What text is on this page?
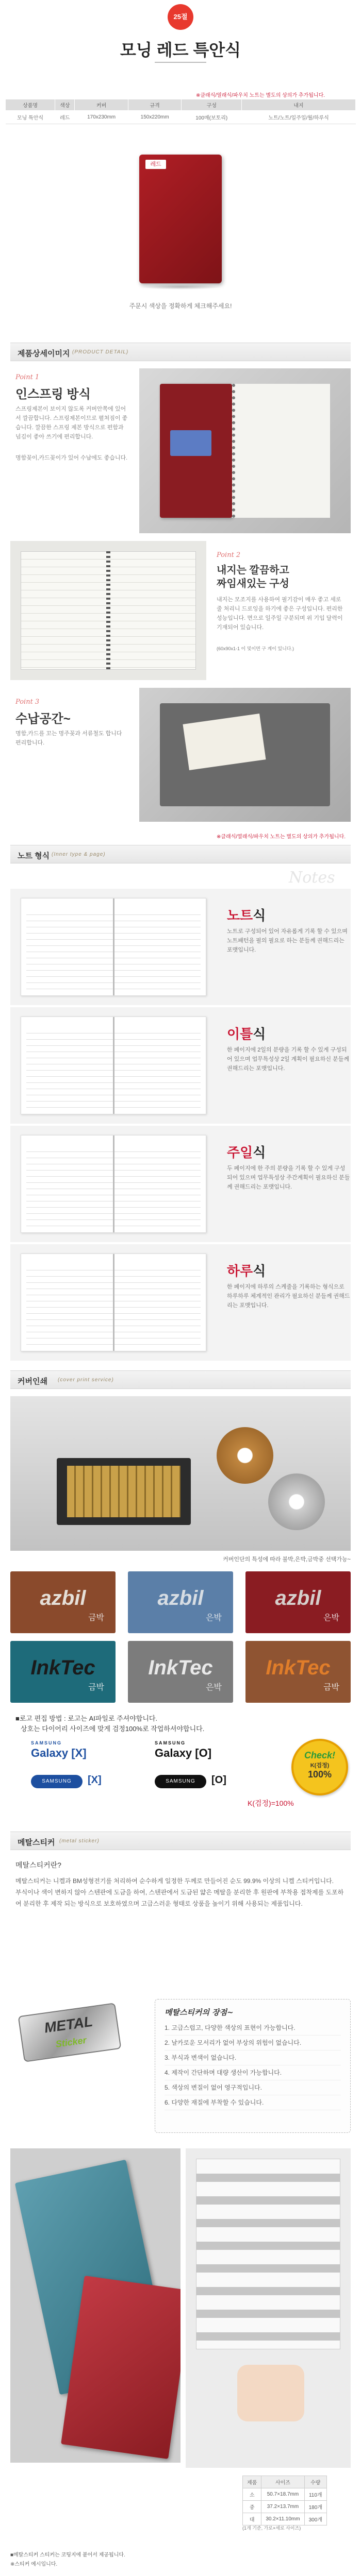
25절
모닝 레드 특안식
※클래식/열래식/파우치 노트는 별도의 상의가 추가됩니다.
상품명	색상	커버	규격	구성	내지
모닝 특안식	레드	170x230mm	150x220mm	100매(보토리)	노트/노트/일주일/월/하루식
레드
주문시 색상을 정확하게 체크해주세요!
제품상세이미지 (PRODUCT DETAIL)
Point 1
인스프링 방식
스프링제본이 보이지 않도록 커버안쪽에 있어서 깔끔합니다. 스프링제본이므로 펼쳐짐이 좋습니다. 깔끔한 스프링 제본 방식으로 편함과 넘김이 좋아 쓰기에 편리합니다.
명함꽂이,카드꽂이가 있어 수납에도 좋습니다.
Point 2
내지는 깔끔하고
짜임새있는 구성
내지는 모조지를 사용하여 필기감이 매우 좋고 세로줄 처리니 드로잉을 하기에 좋은 구성입니다. 편리한 성능입니다. 면으로 일주일 구분되며 위 기입 달력이 기재되어 있습니다.
(60x90x1-1 이 및이면 구 계이 있니다.)
Point 3
수납공간~
명함,카드를 꼬는 명주꽂과 서류철도 합니다 편리합니다.
※클래식/열래식/파우치 노트는 별도의 상의가 추가됩니다.
노트 형식 (Inner type & page)
Notes
노트식
노트로 구성되어 있어 자유롭게 기록 할 수 있으며 노트패턴을 필의 필요로 하는 분들께 권해드리는 포맷입니다.
이틀식
한 페이지에 2일의 분량을 기록 할 수 있게 구성되어 있으며 업무특성상 2일 계획이 필요하신 분들께 권해드리는 포맷입니다.
주일식
두 페이지에 한 주의 분량을 기록 할 수 있게 구성되어 있으며 업무특성상 주간계획이 필요하신 분들께 권해드리는 포맷입니다.
하루식
한 페이지에 하루의 스케줄을 기록하는 형식으로 하루하루 체계적인 관리가 필요하신 분들께 권해드리는 포맷입니다.
커버인쇄 (cover print service)
커버인단의 특성에 따라 불박,은박,금박중 선택가능~
azbil
금박
azbil
은박
azbil
은박
InkTec
금박
InkTec
은박
InkTec
금박
■로고 편집 방법 : 로고는 AI파일로 주셔야합니다.
상호는 다이어리 사이즈에 맞게 검정100%로 작업하셔야합니다.
SAMSUNG
Galaxy [X]
SAMSUNG
Galaxy [O]
SAMSUNG	[X]	SAMSUNG	[O]
K(검정)=100%
Check!
K(검정)
100%
메탈스티커 (metal sticker)
메탈스티커란?
메탈스티커는 니켈과 BM성형전기를 처리하여 순수하게 일정한 두께로 만들어진 순도 99.9% 이상의 니켈 스티커입니다.
부식이나 색이 변하지 않아 스텐판에 도금을 하여, 스텐판에서 도금된 얇은 메탈을 분리한 후 원판에 부착용 접착제를 도포하여 분리한 후 제작 되는 방식으로 보호하였으며 고급스러운 형태로 상품을 높이기 위해 사용되는 제품입니다.
METAL
Sticker
메탈스티커의 장점~

1. 고급스럽고, 다양한 색상의 표현이 가능합니다.

2. 날카로운 모서리가 없어 부상의 위험이 없습니다.

3. 부식과 변색이 없습니다.

4. 제작이 간단하며 대량 생산이 가능합니다.

5. 색상의 변질이 없어 영구적입니다.

6. 다양한 재질에 부착할 수 있습니다.

제품	사이즈	수량
소	50.7×18.7mm	110개
중	37.2×13.7mm	180개
대	30.2×11.10mm	300개
(1개 기준, 가로×세로 사이즈)
■메탈스티커 스티커는 코팅지에 붙어서 제공됩니다.
※스티커 예시입니다.
